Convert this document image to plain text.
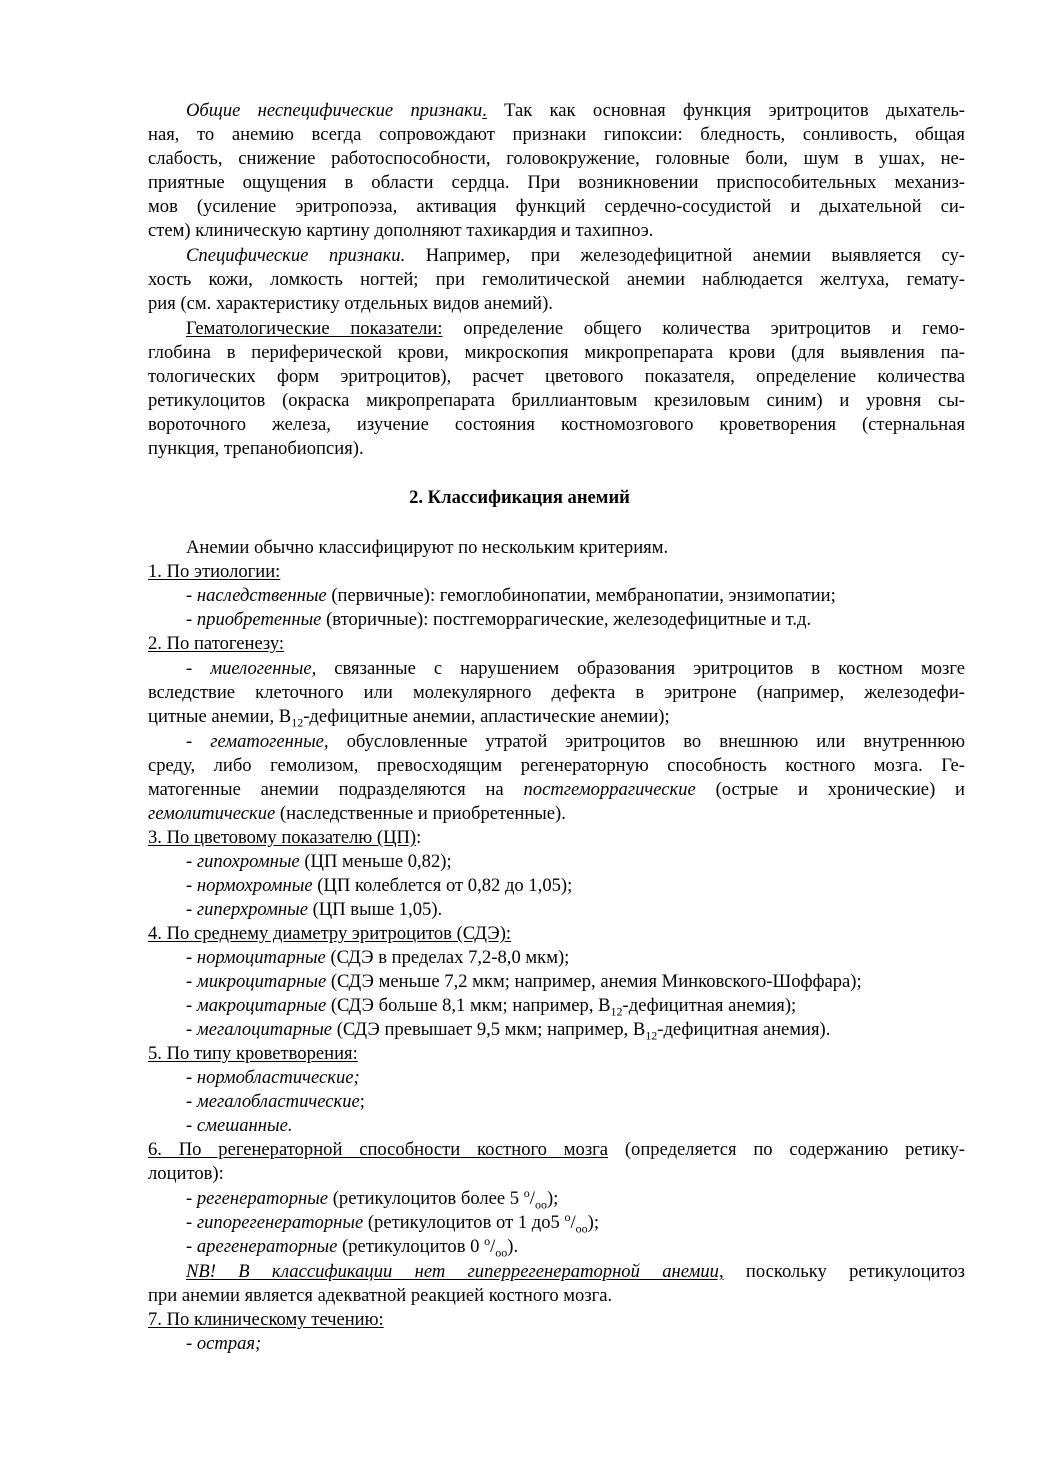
Общие неспецифические признаки. Так как основная функция эритроцитов дыхатель-
ная, то анемию всегда сопровождают признаки гипоксии: бледность, сонливость, общая
слабость, снижение работоспособности, головокружение, головные боли, шум в ушах, не-
приятные ощущения в области сердца. При возникновении приспособительных механиз-
мов (усиление эритропоэза, активация функций сердечно-сосудистой и дыхательной си-
стем) клиническую картину дополняют тахикардия и тахипноэ.
Специфические признаки. Например, при железодефицитной анемии выявляется су-
хость кожи, ломкость ногтей; при гемолитической анемии наблюдается желтуха, гемату-
рия (см. характеристику отдельных видов анемий).
Гематологические показатели: определение общего количества эритроцитов и гемо-
глобина в периферической крови, микроскопия микропрепарата крови (для выявления па-
тологических форм эритроцитов), расчет цветового показателя, определение количества
ретикулоцитов (окраска микропрепарата бриллиантовым крезиловым синим) и уровня сы-
вороточного железа, изучение состояния костномозгового кроветворения (стернальная
пункция, трепанобиопсия).
2. Классификация анемий
Анемии обычно классифицируют по нескольким критериям.
1. По этиологии:
- наследственные (первичные): гемоглобинопатии, мембранопатии, энзимопатии;
- приобретенные (вторичные): постгеморрагические, железодефицитные и т.д.
2. По патогенезу:
- миелогенные, связанные с нарушением образования эритроцитов в костном мозге
вследствие клеточного или молекулярного дефекта в эритроне (например, железодефи-
цитные анемии, $В_{12}$-дефицитные анемии, апластические анемии);
- гематогенные, обусловленные утратой эритроцитов во внешнюю или внутреннюю
среду, либо гемолизом, превосходящим регенераторную способность костного мозга. Ге-
матогенные анемии подразделяются на постгеморрагические (острые и хронические) и
гемолитические (наследственные и приобретенные).
3. По цветовому показателю (ЦП):
- гипохромные (ЦП меньше 0,82);
- нормохромные (ЦП колеблется от 0,82 до 1,05);
- гиперхромные (ЦП выше 1,05).
4. По среднему диаметру эритроцитов (СДЭ):
- нормоцитарные (СДЭ в пределах 7,2-8,0 мкм);
- микроцитарные (СДЭ меньше 7,2 мкм; например, анемия Минковского-Шоффара);
- макроцитарные (СДЭ больше 8,1 мкм; например, $В_{12}$-дефицитная анемия);
- мегалоцитарные (СДЭ превышает 9,5 мкм; например, $В_{12}$-дефицитная анемия).
5. По типу кроветворения:
- нормобластические;
- мегалобластические;
- смешанные.
6. По регенераторной способности костного мозга (определяется по содержанию ретику-
лоцитов):
- регенераторные (ретикулоцитов более 5 $^о/_{оо}$);
- гипорегенераторные (ретикулоцитов от 1 до5 $^о/_{оо}$);
- арегенераторные (ретикулоцитов 0 $^о/_{оо}$).
NB! В классификации нет гиперрегенераторной анемии, поскольку ретикулоцитоз
при анемии является адекватной реакцией костного мозга.
7. По клиническому течению:
- острая;
